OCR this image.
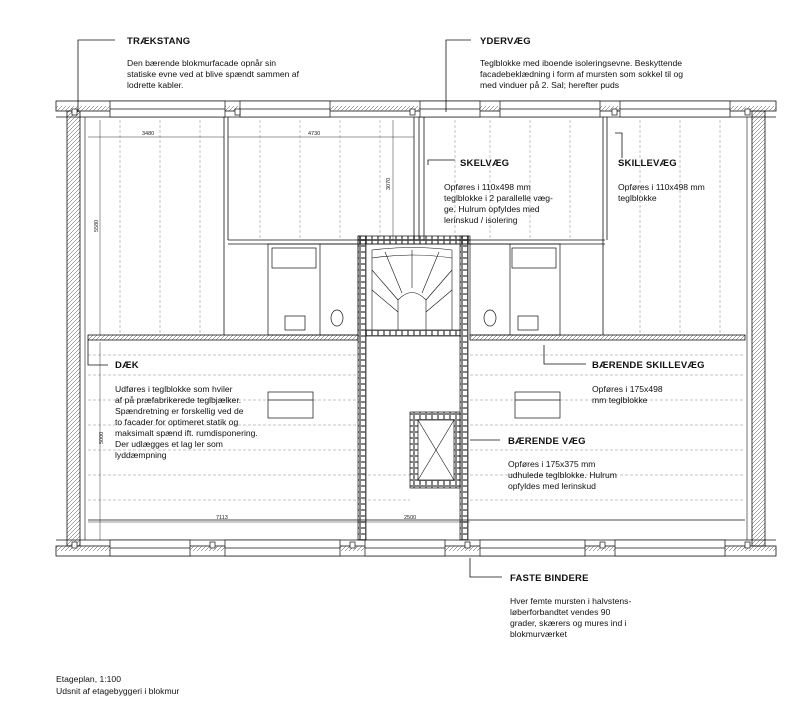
3480	4730
3070
5580
5000
7113	2500
TRÆKSTANG
Den bærende blokmurfacade opnår sin
statiske evne ved at blive spændt sammen af
lodrette kabler.
YDERVÆG
Teglblokke med iboende isoleringsevne. Beskyttende
facadebeklædning i form af mursten som sokkel til og
med vinduer på 2. Sal; herefter puds
SKELVÆG
Opføres i 110x498 mm
teglblokke i 2 parallelle væg-
ge. Hulrum opfyldes med
lerinskud / isolering
SKILLEVÆG
Opføres i 110x498 mm
teglblokke
DÆK
Udføres i teglblokke som hviler
af på præfabrikerede teglbjælker.
Spændretning er forskellig ved de
to facader for optimeret statik og
maksimalt spænd ift. rumdisponering.
Der udlægges et lag ler som
lyddæmpning
BÆRENDE SKILLEVÆG
Opføres i 175x498
mm teglblokke
BÆRENDE VÆG
Opføres i 175x375 mm
udhulede teglblokke. Hulrum
opfyldes med lerinskud
FASTE BINDERE
Hver femte mursten i halvstens-
løberforbandtet vendes 90
grader, skærers og mures ind i
blokmurværket
Etageplan, 1:100
Udsnit af etagebyggeri i blokmur
